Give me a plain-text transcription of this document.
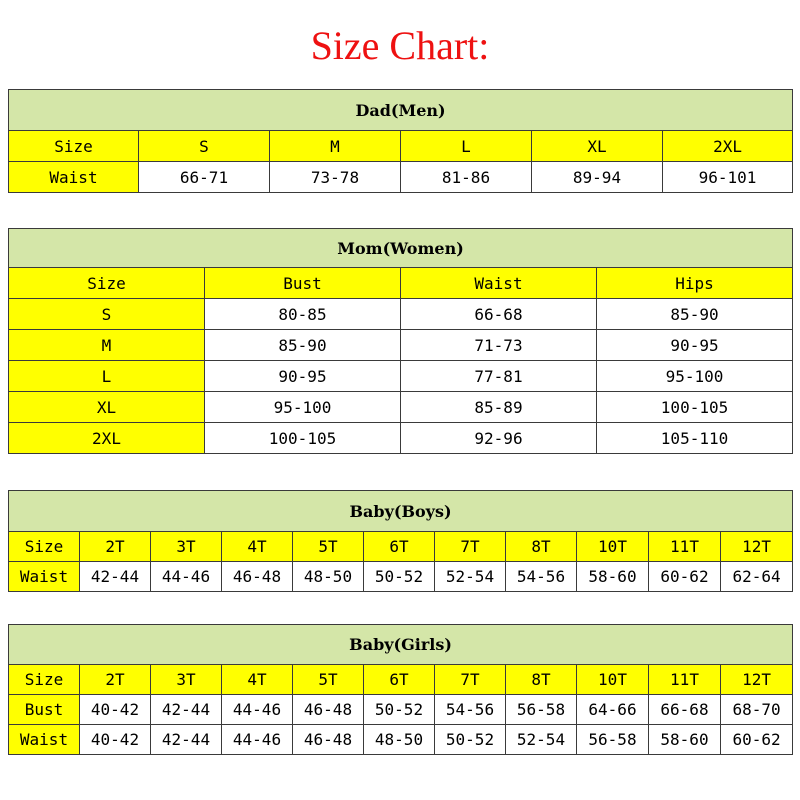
Size Chart:
Dad(Men)					
Size	S	M	L	XL	2XL
Waist	66-71	73-78	81-86	89-94	96-101
Mom(Women)			
Size	Bust	Waist	Hips
S	80-85	66-68	85-90
M	85-90	71-73	90-95
L	90-95	77-81	95-100
XL	95-100	85-89	100-105
2XL	100-105	92-96	105-110
Baby(Boys)										
Size	2T	3T	4T	5T	6T	7T	8T	10T	11T	12T
Waist	42-44	44-46	46-48	48-50	50-52	52-54	54-56	58-60	60-62	62-64
Baby(Girls)										
Size	2T	3T	4T	5T	6T	7T	8T	10T	11T	12T
Bust	40-42	42-44	44-46	46-48	50-52	54-56	56-58	64-66	66-68	68-70
Waist	40-42	42-44	44-46	46-48	48-50	50-52	52-54	56-58	58-60	60-62
